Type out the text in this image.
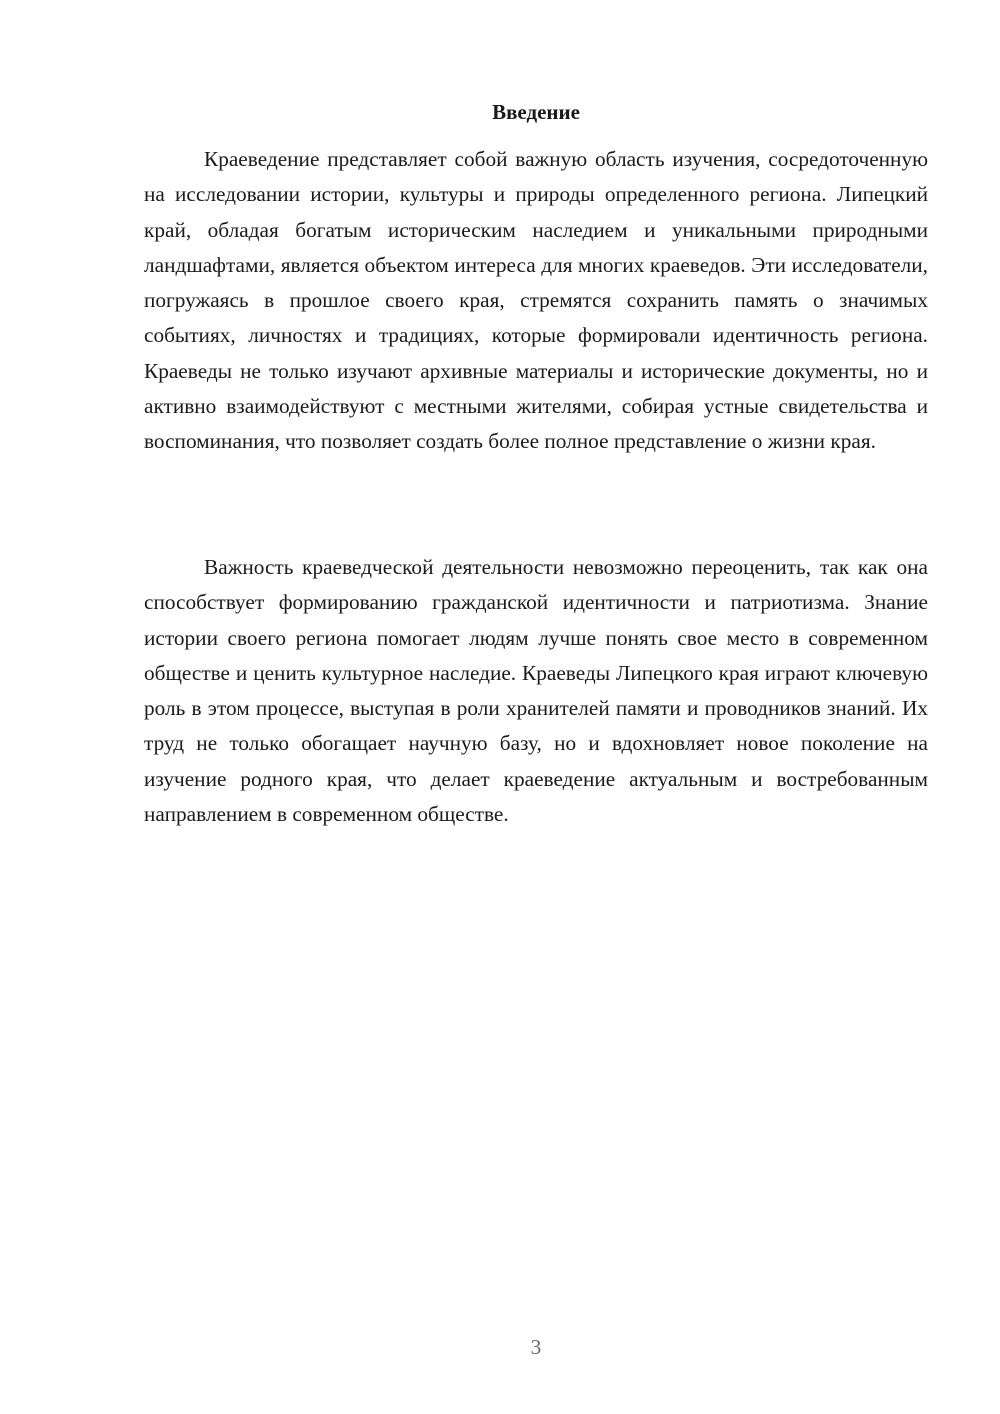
Введение

Краеведение представляет собой важную область изучения, сосредоточенную на исследовании истории, культуры и природы определенного региона. Липецкий край, обладая богатым историческим наследием и уникальными природными ландшафтами, является объектом интереса для многих краеведов. Эти исследователи, погружаясь в прошлое своего края, стремятся сохранить память о значимых событиях, личностях и традициях, которые формировали идентичность региона. Краеведы не только изучают архивные материалы и исторические документы, но и активно взаимодействуют с местными жителями, собирая устные свидетельства и воспоминания, что позволяет создать более полное представление о жизни края.

Важность краеведческой деятельности невозможно переоценить, так как она способствует формированию гражданской идентичности и патриотизма. Знание истории своего региона помогает людям лучше понять свое место в современном обществе и ценить культурное наследие. Краеведы Липецкого края играют ключевую роль в этом процессе, выступая в роли хранителей памяти и проводников знаний. Их труд не только обогащает научную базу, но и вдохновляет новое поколение на изучение родного края, что делает краеведение актуальным и востребованным направлением в современном обществе.

3
